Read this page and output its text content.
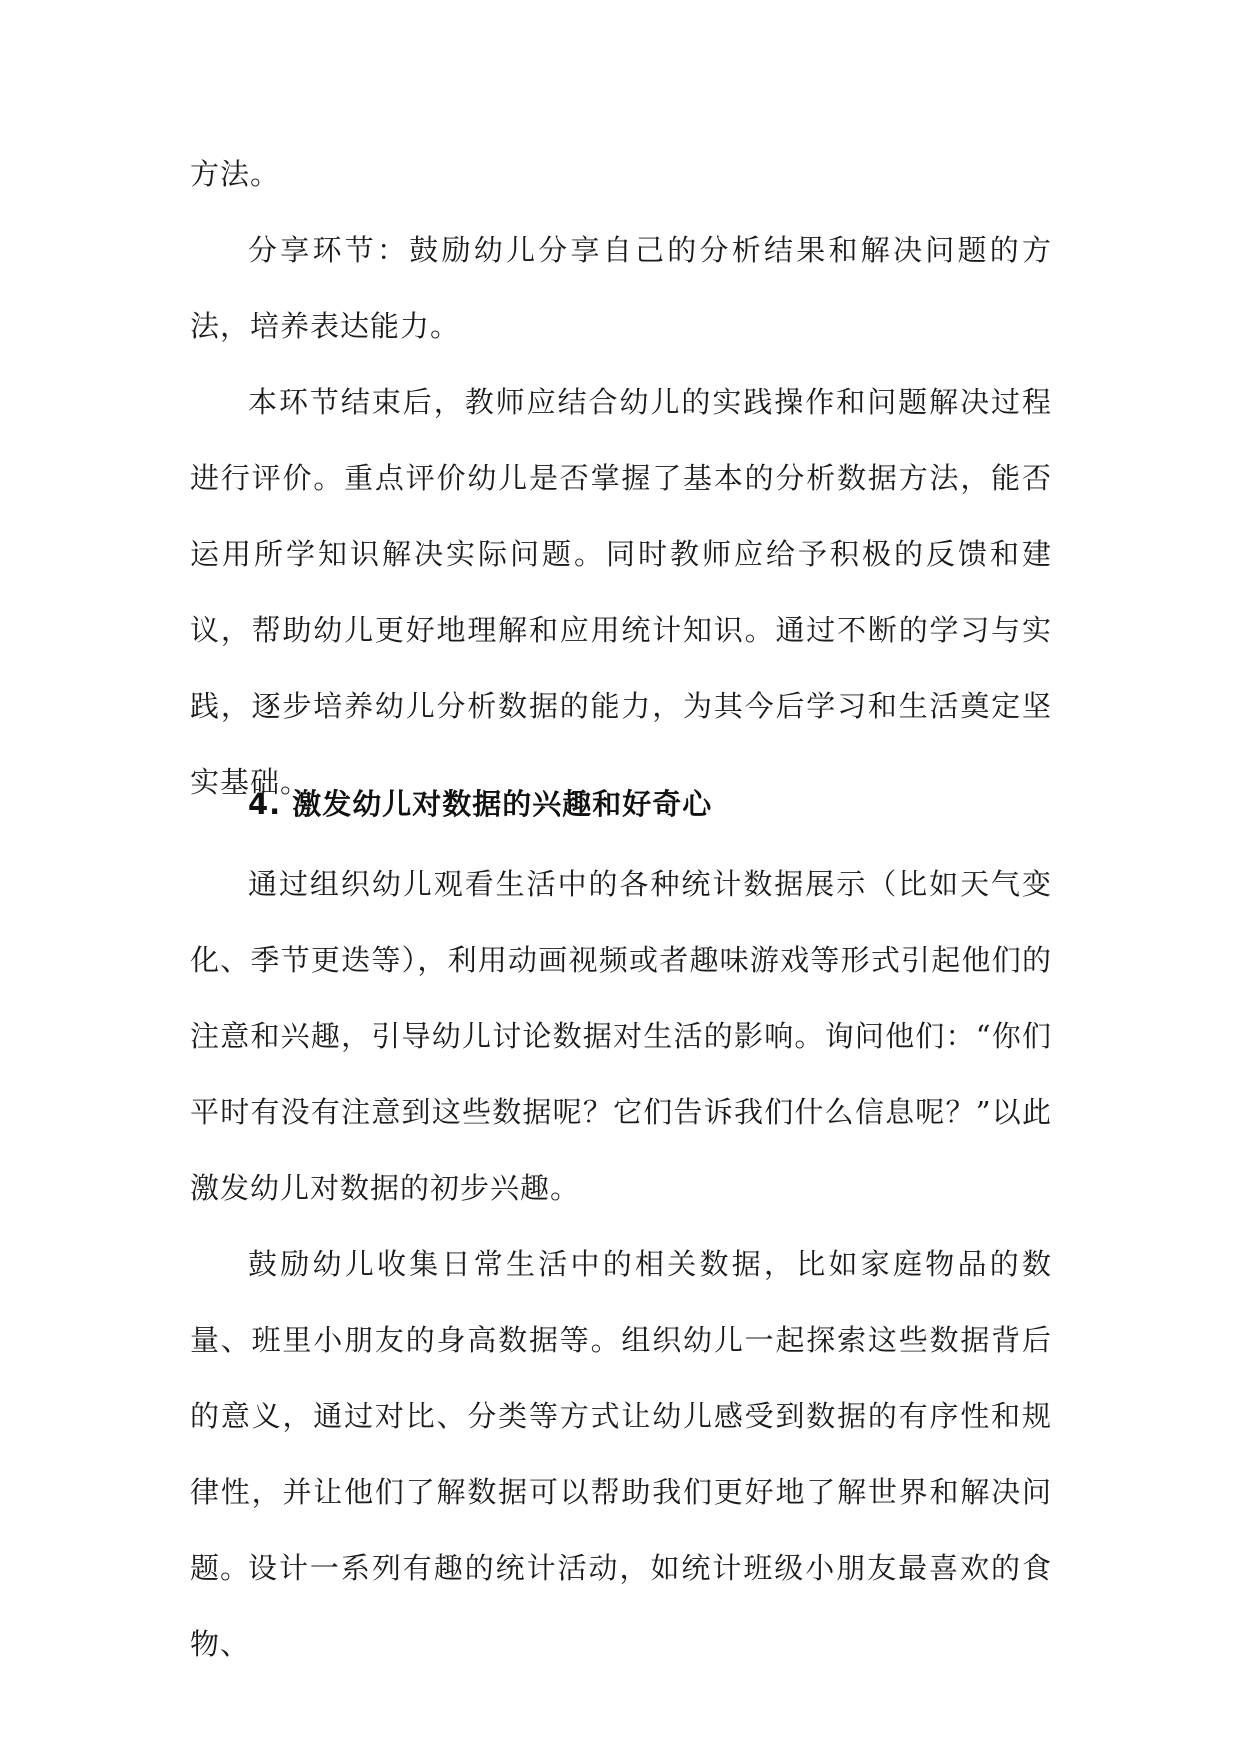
方法。

分享环节：鼓励幼儿分享自己的分析结果和解决问题的方法，培养表达能力。

本环节结束后，教师应结合幼儿的实践操作和问题解决过程进行评价。重点评价幼儿是否掌握了基本的分析数据方法，能否运用所学知识解决实际问题。同时教师应给予积极的反馈和建议，帮助幼儿更好地理解和应用统计知识。通过不断的学习与实践，逐步培养幼儿分析数据的能力，为其今后学习和生活奠定坚实基础。

4. 激发幼儿对数据的兴趣和好奇心

通过组织幼儿观看生活中的各种统计数据展示（比如天气变化、季节更迭等），利用动画视频或者趣味游戏等形式引起他们的注意和兴趣，引导幼儿讨论数据对生活的影响。询问他们：“你们平时有没有注意到这些数据呢？它们告诉我们什么信息呢？”以此激发幼儿对数据的初步兴趣。

鼓励幼儿收集日常生活中的相关数据，比如家庭物品的数量、班里小朋友的身高数据等。组织幼儿一起探索这些数据背后的意义，通过对比、分类等方式让幼儿感受到数据的有序性和规律性，并让他们了解数据可以帮助我们更好地了解世界和解决问题。

设计一系列有趣的统计活动，如统计班级小朋友最喜欢的食物、
